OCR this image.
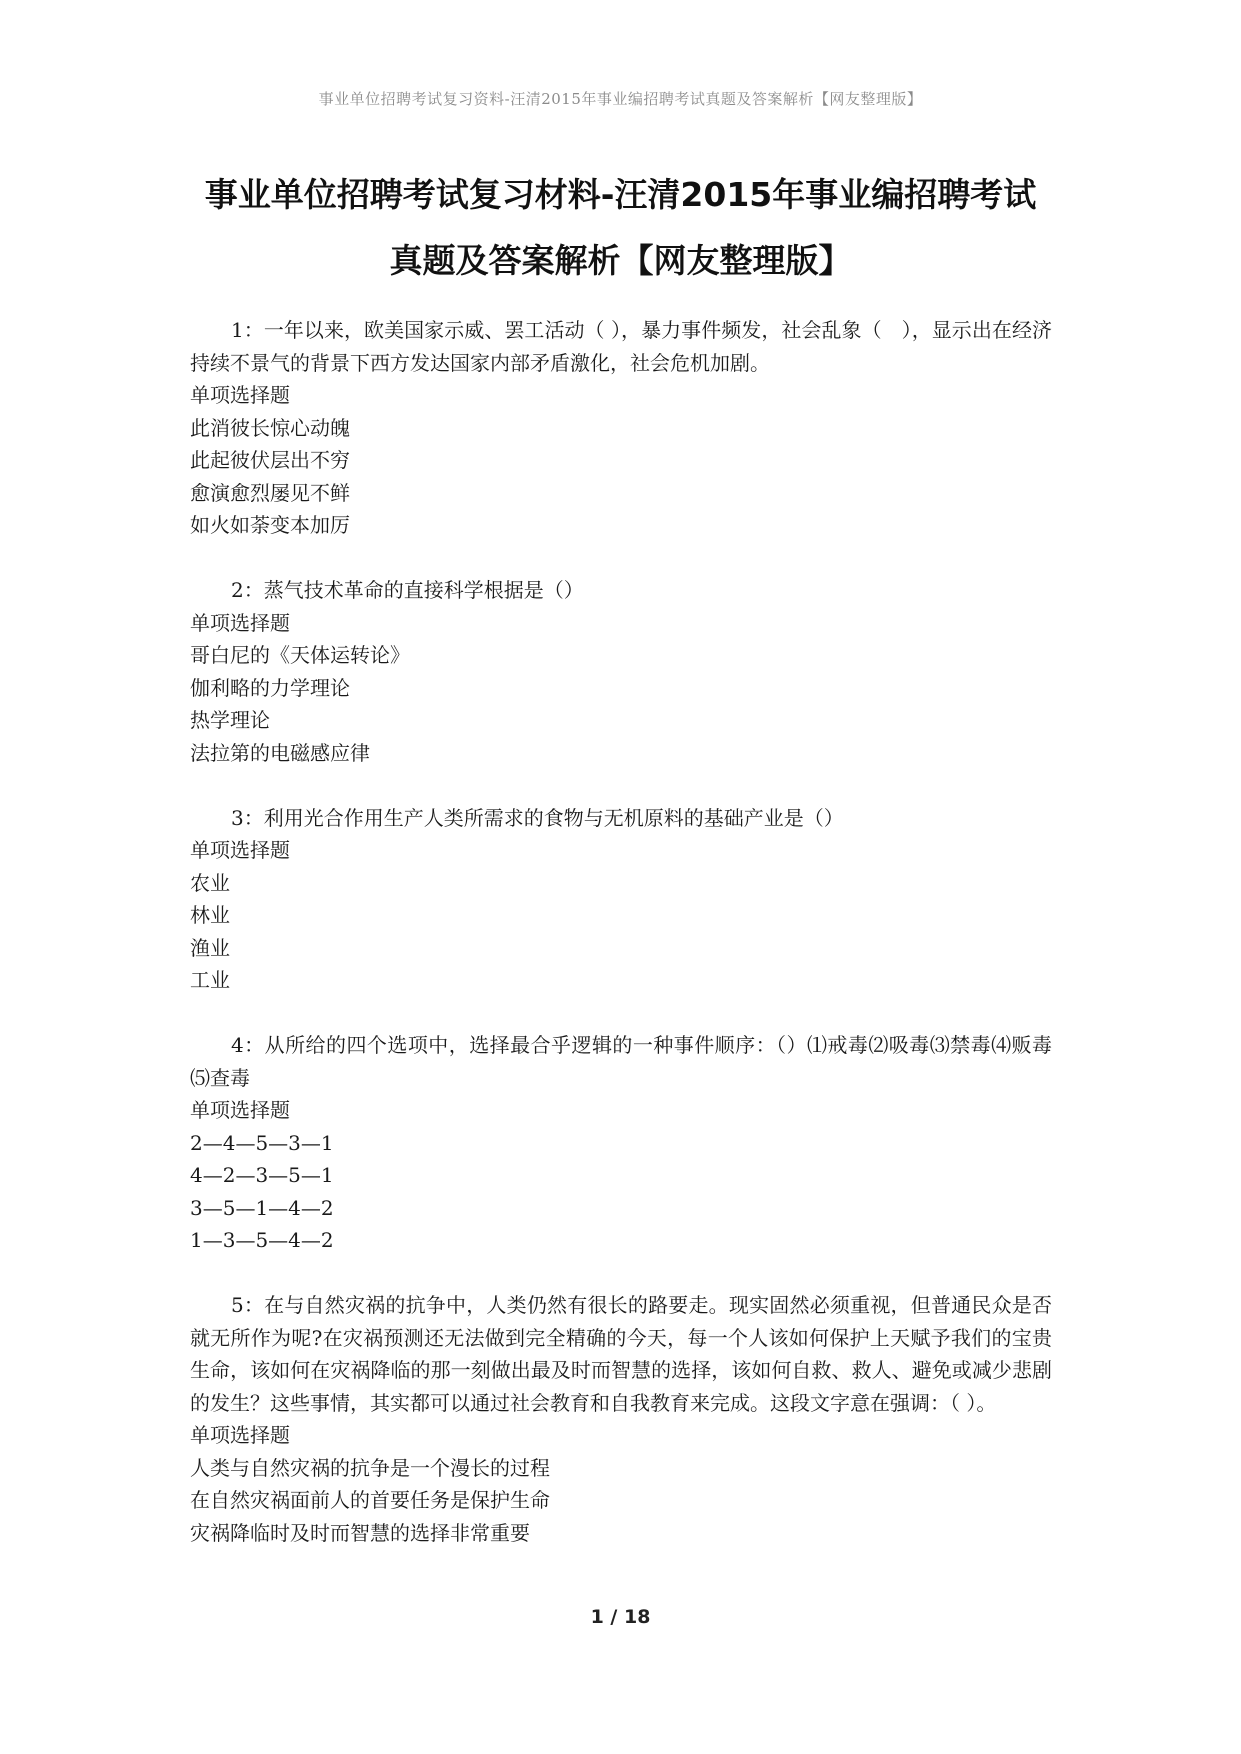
事业单位招聘考试复习资料-汪清2015年事业编招聘考试真题及答案解析【网友整理版】
事业单位招聘考试复习材料-汪清2015年事业编招聘考试
真题及答案解析【网友整理版】
1：一年以来，欧美国家示威、罢工活动（ ），暴力事件频发，社会乱象（　），显示出在经济持续不景气的背景下西方发达国家内部矛盾激化，社会危机加剧。
单项选择题
此消彼长惊心动魄
此起彼伏层出不穷
愈演愈烈屡见不鲜
如火如荼变本加厉
2：蒸气技术革命的直接科学根据是（）
单项选择题
哥白尼的《天体运转论》
伽利略的力学理论
热学理论
法拉第的电磁感应律
3：利用光合作用生产人类所需求的食物与无机原料的基础产业是（）
单项选择题
农业
林业
渔业
工业
4：从所给的四个选项中，选择最合乎逻辑的一种事件顺序：（）⑴戒毒⑵吸毒⑶禁毒⑷贩毒⑸查毒
单项选择题
2—4—5—3—1
4—2—3—5—1
3—5—1—4—2
1—3—5—4—2
5：在与自然灾祸的抗争中，人类仍然有很长的路要走。现实固然必须重视，但普通民众是否就无所作为呢?在灾祸预测还无法做到完全精确的今天，每一个人该如何保护上天赋予我们的宝贵生命，该如何在灾祸降临的那一刻做出最及时而智慧的选择，该如何自救、救人、避免或减少悲剧的发生？这些事情，其实都可以通过社会教育和自我教育来完成。这段文字意在强调：（ ）。
单项选择题
人类与自然灾祸的抗争是一个漫长的过程
在自然灾祸面前人的首要任务是保护生命
灾祸降临时及时而智慧的选择非常重要
1 / 18
